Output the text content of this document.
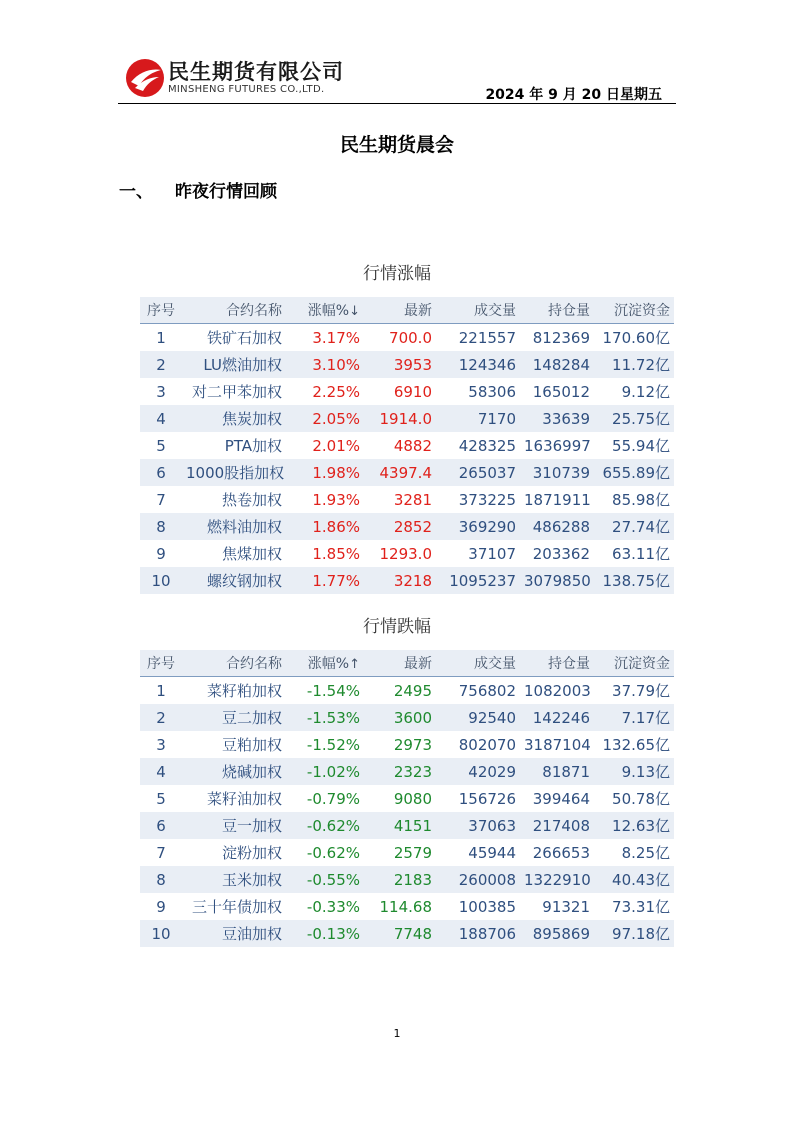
民生期货有限公司
MINSHENG FUTURES CO.,LTD.	2024 年 9 月 20 日星期五
民生期货晨会
一、 昨夜行情回顾
行情涨幅
序号	合约名称	涨幅%↓	最新	成交量	持仓量	沉淀资金
1	铁矿石加权	3.17%	700.0	221557	812369	170.60亿
2	LU燃油加权	3.10%	3953	124346	148284	11.72亿
3	对二甲苯加权	2.25%	6910	58306	165012	9.12亿
4	焦炭加权	2.05%	1914.0	7170	33639	25.75亿
5	PTA加权	2.01%	4882	428325	1636997	55.94亿
6	1000股指加权	1.98%	4397.4	265037	310739	655.89亿
7	热卷加权	1.93%	3281	373225	1871911	85.98亿
8	燃料油加权	1.86%	2852	369290	486288	27.74亿
9	焦煤加权	1.85%	1293.0	37107	203362	63.11亿
10	螺纹钢加权	1.77%	3218	1095237	3079850	138.75亿
行情跌幅
序号	合约名称	涨幅%↑	最新	成交量	持仓量	沉淀资金
1	菜籽粕加权	-1.54%	2495	756802	1082003	37.79亿
2	豆二加权	-1.53%	3600	92540	142246	7.17亿
3	豆粕加权	-1.52%	2973	802070	3187104	132.65亿
4	烧碱加权	-1.02%	2323	42029	81871	9.13亿
5	菜籽油加权	-0.79%	9080	156726	399464	50.78亿
6	豆一加权	-0.62%	4151	37063	217408	12.63亿
7	淀粉加权	-0.62%	2579	45944	266653	8.25亿
8	玉米加权	-0.55%	2183	260008	1322910	40.43亿
9	三十年债加权	-0.33%	114.68	100385	91321	73.31亿
10	豆油加权	-0.13%	7748	188706	895869	97.18亿
1
